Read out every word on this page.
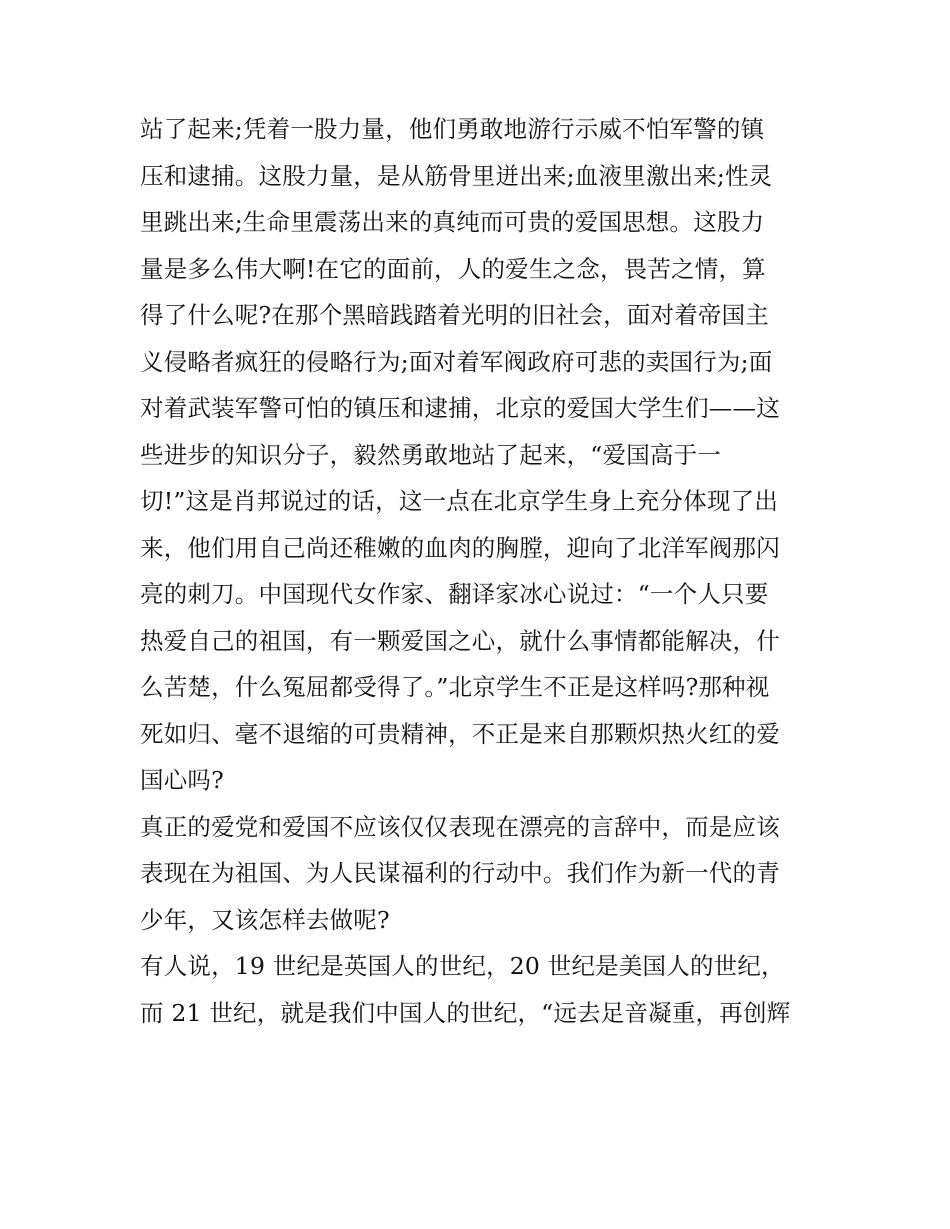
站了起来;凭着一股力量，他们勇敢地游行示威不怕军警的镇
压和逮捕。这股力量，是从筋骨里迸出来;血液里激出来;性灵
里跳出来;生命里震荡出来的真纯而可贵的爱国思想。这股力
量是多么伟大啊!在它的面前，人的爱生之念，畏苦之情，算
得了什么呢?在那个黑暗践踏着光明的旧社会，面对着帝国主
义侵略者疯狂的侵略行为;面对着军阀政府可悲的卖国行为;面
对着武装军警可怕的镇压和逮捕，北京的爱国大学生们——这
些进步的知识分子，毅然勇敢地站了起来，“爱国高于一
切!”这是肖邦说过的话，这一点在北京学生身上充分体现了出
来，他们用自己尚还稚嫩的血肉的胸膛，迎向了北洋军阀那闪
亮的刺刀。中国现代女作家、翻译家冰心说过：“一个人只要
热爱自己的祖国，有一颗爱国之心，就什么事情都能解决，什
么苦楚，什么冤屈都受得了。”北京学生不正是这样吗?那种视
死如归、毫不退缩的可贵精神，不正是来自那颗炽热火红的爱
国心吗?
真正的爱党和爱国不应该仅仅表现在漂亮的言辞中，而是应该
表现在为祖国、为人民谋福利的行动中。我们作为新一代的青
少年，又该怎样去做呢?
有人说，19 世纪是英国人的世纪，20 世纪是美国人的世纪，
而 21 世纪，就是我们中国人的世纪，“远去足音凝重，再创辉
